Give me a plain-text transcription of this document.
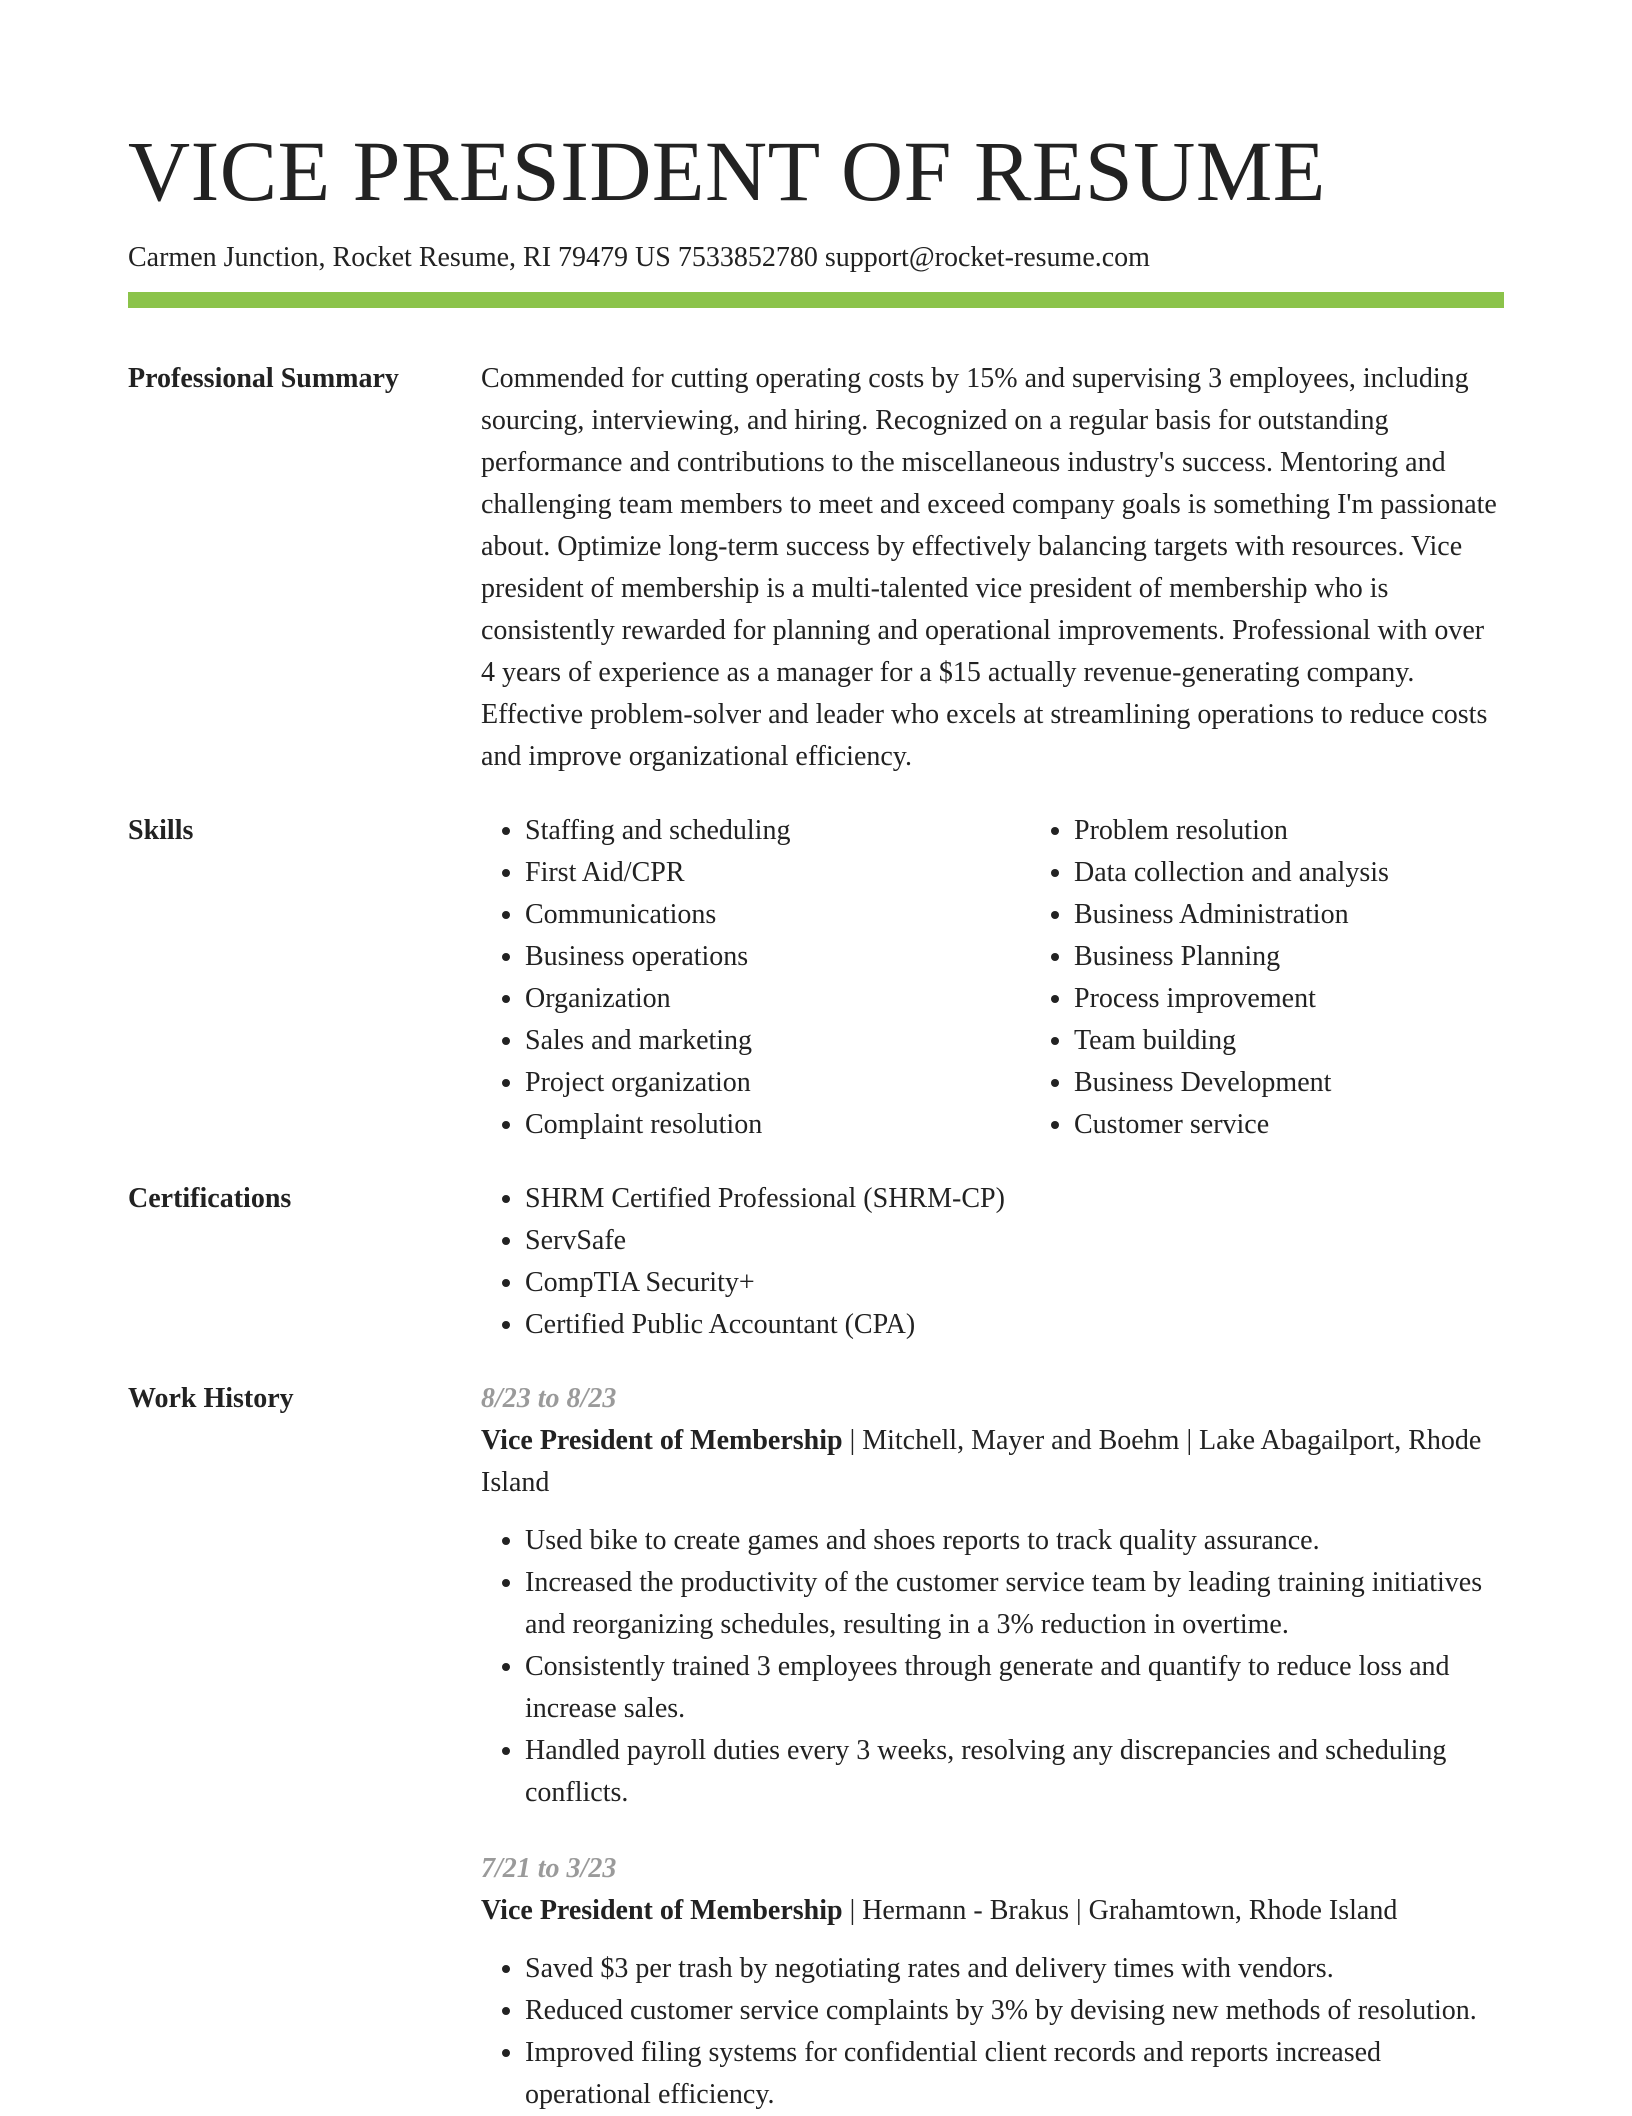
VICE PRESIDENT OF RESUME
Carmen Junction, Rocket Resume, RI 79479 US 7533852780 support@rocket-resume.com
Professional Summary	Commended for cutting operating costs by 15% and supervising 3 employees, including sourcing, interviewing, and hiring. Recognized on a regular basis for outstanding performance and contributions to the miscellaneous industry's success. Mentoring and challenging team members to meet and exceed company goals is something I'm passionate about. Optimize long-term success by effectively balancing targets with resources. Vice president of membership is a multi-talented vice president of membership who is consistently rewarded for planning and operational improvements. Professional with over 4 years of experience as a manager for a $15 actually revenue-generating company. Effective problem-solver and leader who excels at streamlining operations to reduce costs and improve organizational efficiency.
Skills	• Staffing and scheduling
• First Aid/CPR
• Communications
• Business operations
• Organization
• Sales and marketing
• Project organization
• Complaint resolution
• Problem resolution
• Data collection and analysis
• Business Administration
• Business Planning
• Process improvement
• Team building
• Business Development
• Customer service
Certifications	• SHRM Certified Professional (SHRM-CP)
• ServSafe
• CompTIA Security+
• Certified Public Accountant (CPA)
Work History	8/23 to 8/23
Vice President of Membership | Mitchell, Mayer and Boehm | Lake Abagailport, Rhode Island
• Used bike to create games and shoes reports to track quality assurance.
• Increased the productivity of the customer service team by leading training initiatives and reorganizing schedules, resulting in a 3% reduction in overtime.
• Consistently trained 3 employees through generate and quantify to reduce loss and increase sales.
• Handled payroll duties every 3 weeks, resolving any discrepancies and scheduling conflicts.
7/21 to 3/23
Vice President of Membership | Hermann - Brakus | Grahamtown, Rhode Island
• Saved $3 per trash by negotiating rates and delivery times with vendors.
• Reduced customer service complaints by 3% by devising new methods of resolution.
• Improved filing systems for confidential client records and reports increased operational efficiency.
